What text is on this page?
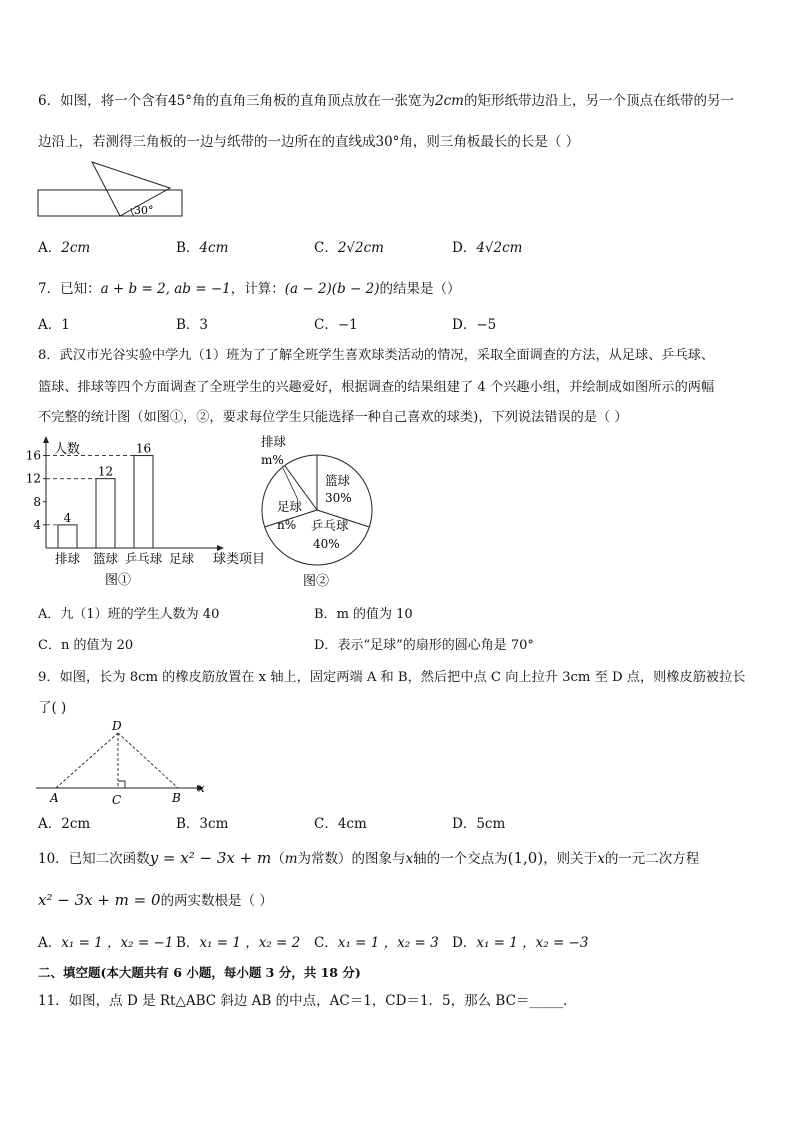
6．如图，将一个含有45°角的直角三角板的直角顶点放在一张宽为2cm的矩形纸带边沿上，另一个顶点在纸带的另一
边沿上，若测得三角板的一边与纸带的一边所在的直线成30°角，则三角板最长的长是（ ）
30°
A．2cm	B．4cm	C．2√2cm	D．4√2cm
7．已知：a + b = 2, ab = −1，计算：(a − 2)(b − 2)的结果是（）
A．1	B．3	C．−1	D．−5
8．武汉市光谷实验中学九（1）班为了了解全班学生喜欢球类活动的情况，采取全面调查的方法，从足球、乒乓球、
篮球、排球等四个方面调查了全班学生的兴趣爱好，根据调查的结果组建了 4 个兴趣小组，并绘制成如图所示的两幅
不完整的统计图（如图①，②，要求每位学生只能选择一种自己喜欢的球类)，下列说法错误的是（ ）
人数
球类项目
4
8
12
16
4
排球
12
篮球
16
乒乓球 足球
图①
排球
m%
篮球
30%
足球
n% 乒乓球
40%
图②
A．九（1）班的学生人数为 40	B．m 的值为 10
C．n 的值为 20	D．表示“足球”的扇形的圆心角是 70°
9．如图，长为 8cm 的橡皮筋放置在 x 轴上，固定两端 A 和 B，然后把中点 C 向上拉升 3cm 至 D 点，则橡皮筋被拉长
了( )
D
A	C	B
x
A．2cm	B．3cm	C．4cm	D．5cm
10．已知二次函数y = x² − 3x + m（m为常数）的图象与x轴的一个交点为(1,0)，则关于x的一元二次方程
x² − 3x + m = 0的两实数根是（ ）
A．x₁ = 1 ，x₂ = −1 B．x₁ = 1 ，x₂ = 2 C．x₁ = 1 ，x₂ = 3 D．x₁ = 1 ，x₂ = −3
二、填空题(本大题共有 6 小题，每小题 3 分，共 18 分)
11．如图，点 D 是 Rt△ABC 斜边 AB 的中点，AC＝1，CD＝1．5，那么 BC＝_____．
